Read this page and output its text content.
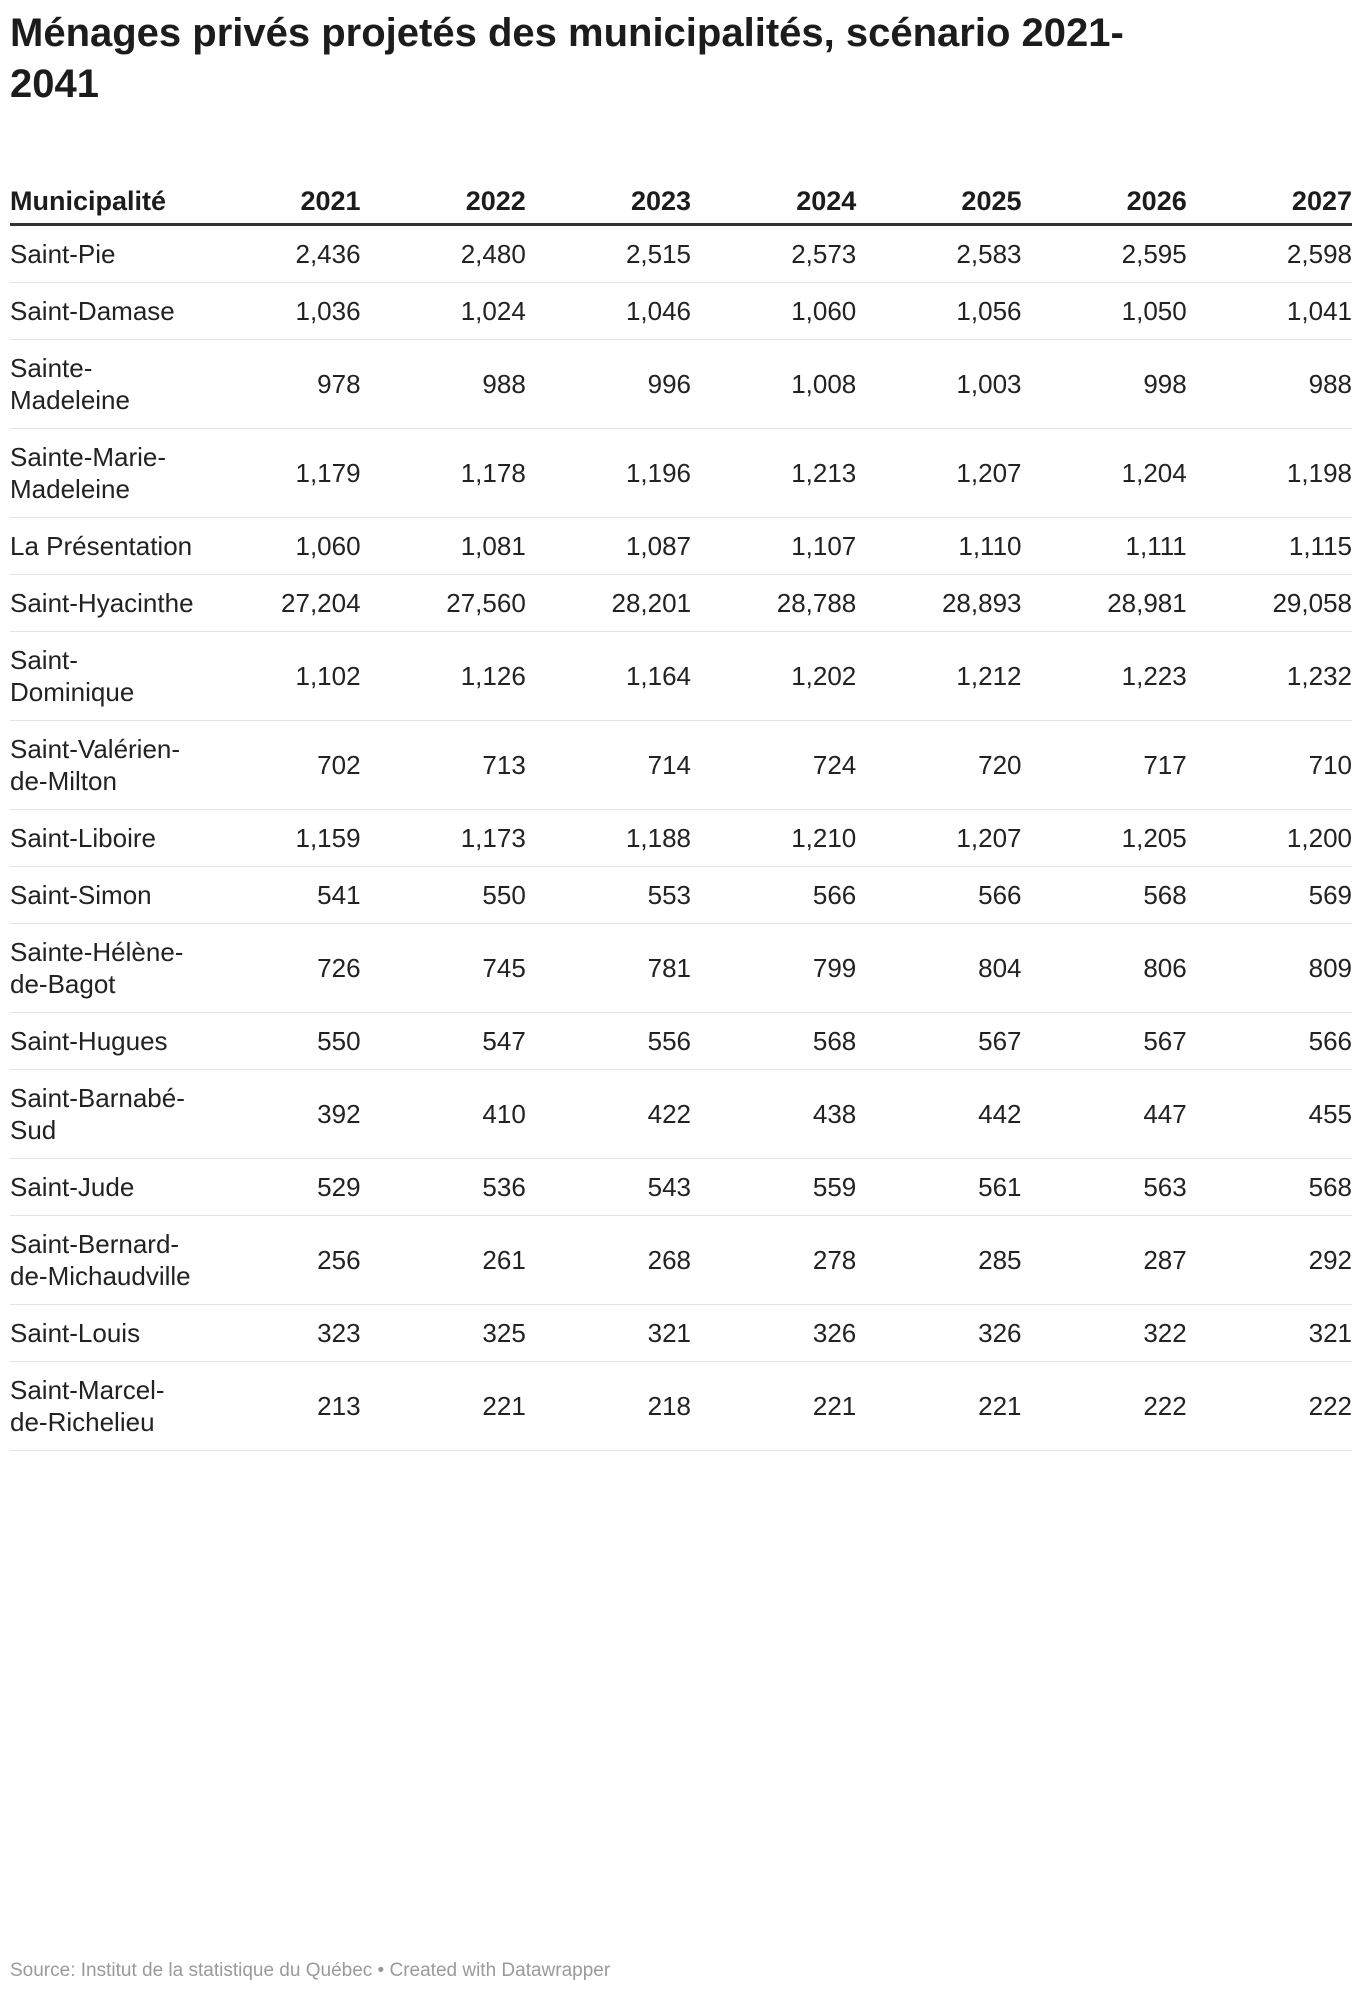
Ménages privés projetés des municipalités, scénario 2021-2041
Municipalité	2021	2022	2023	2024	2025	2026	2027
Saint-Pie	2,436	2,480	2,515	2,573	2,583	2,595	2,598
Saint-Damase	1,036	1,024	1,046	1,060	1,056	1,050	1,041
Sainte-Madeleine	978	988	996	1,008	1,003	998	988
Sainte-Marie-Madeleine	1,179	1,178	1,196	1,213	1,207	1,204	1,198
La Présentation	1,060	1,081	1,087	1,107	1,110	1,111	1,115
Saint-Hyacinthe	27,204	27,560	28,201	28,788	28,893	28,981	29,058
Saint-Dominique	1,102	1,126	1,164	1,202	1,212	1,223	1,232
Saint-Valérien-de-Milton	702	713	714	724	720	717	710
Saint-Liboire	1,159	1,173	1,188	1,210	1,207	1,205	1,200
Saint-Simon	541	550	553	566	566	568	569
Sainte-Hélène-de-Bagot	726	745	781	799	804	806	809
Saint-Hugues	550	547	556	568	567	567	566
Saint-Barnabé-Sud	392	410	422	438	442	447	455
Saint-Jude	529	536	543	559	561	563	568
Saint-Bernard-de-Michaudville	256	261	268	278	285	287	292
Saint-Louis	323	325	321	326	326	322	321
Saint-Marcel-de-Richelieu	213	221	218	221	221	222	222
Source: Institut de la statistique du Québec • Created with Datawrapper
